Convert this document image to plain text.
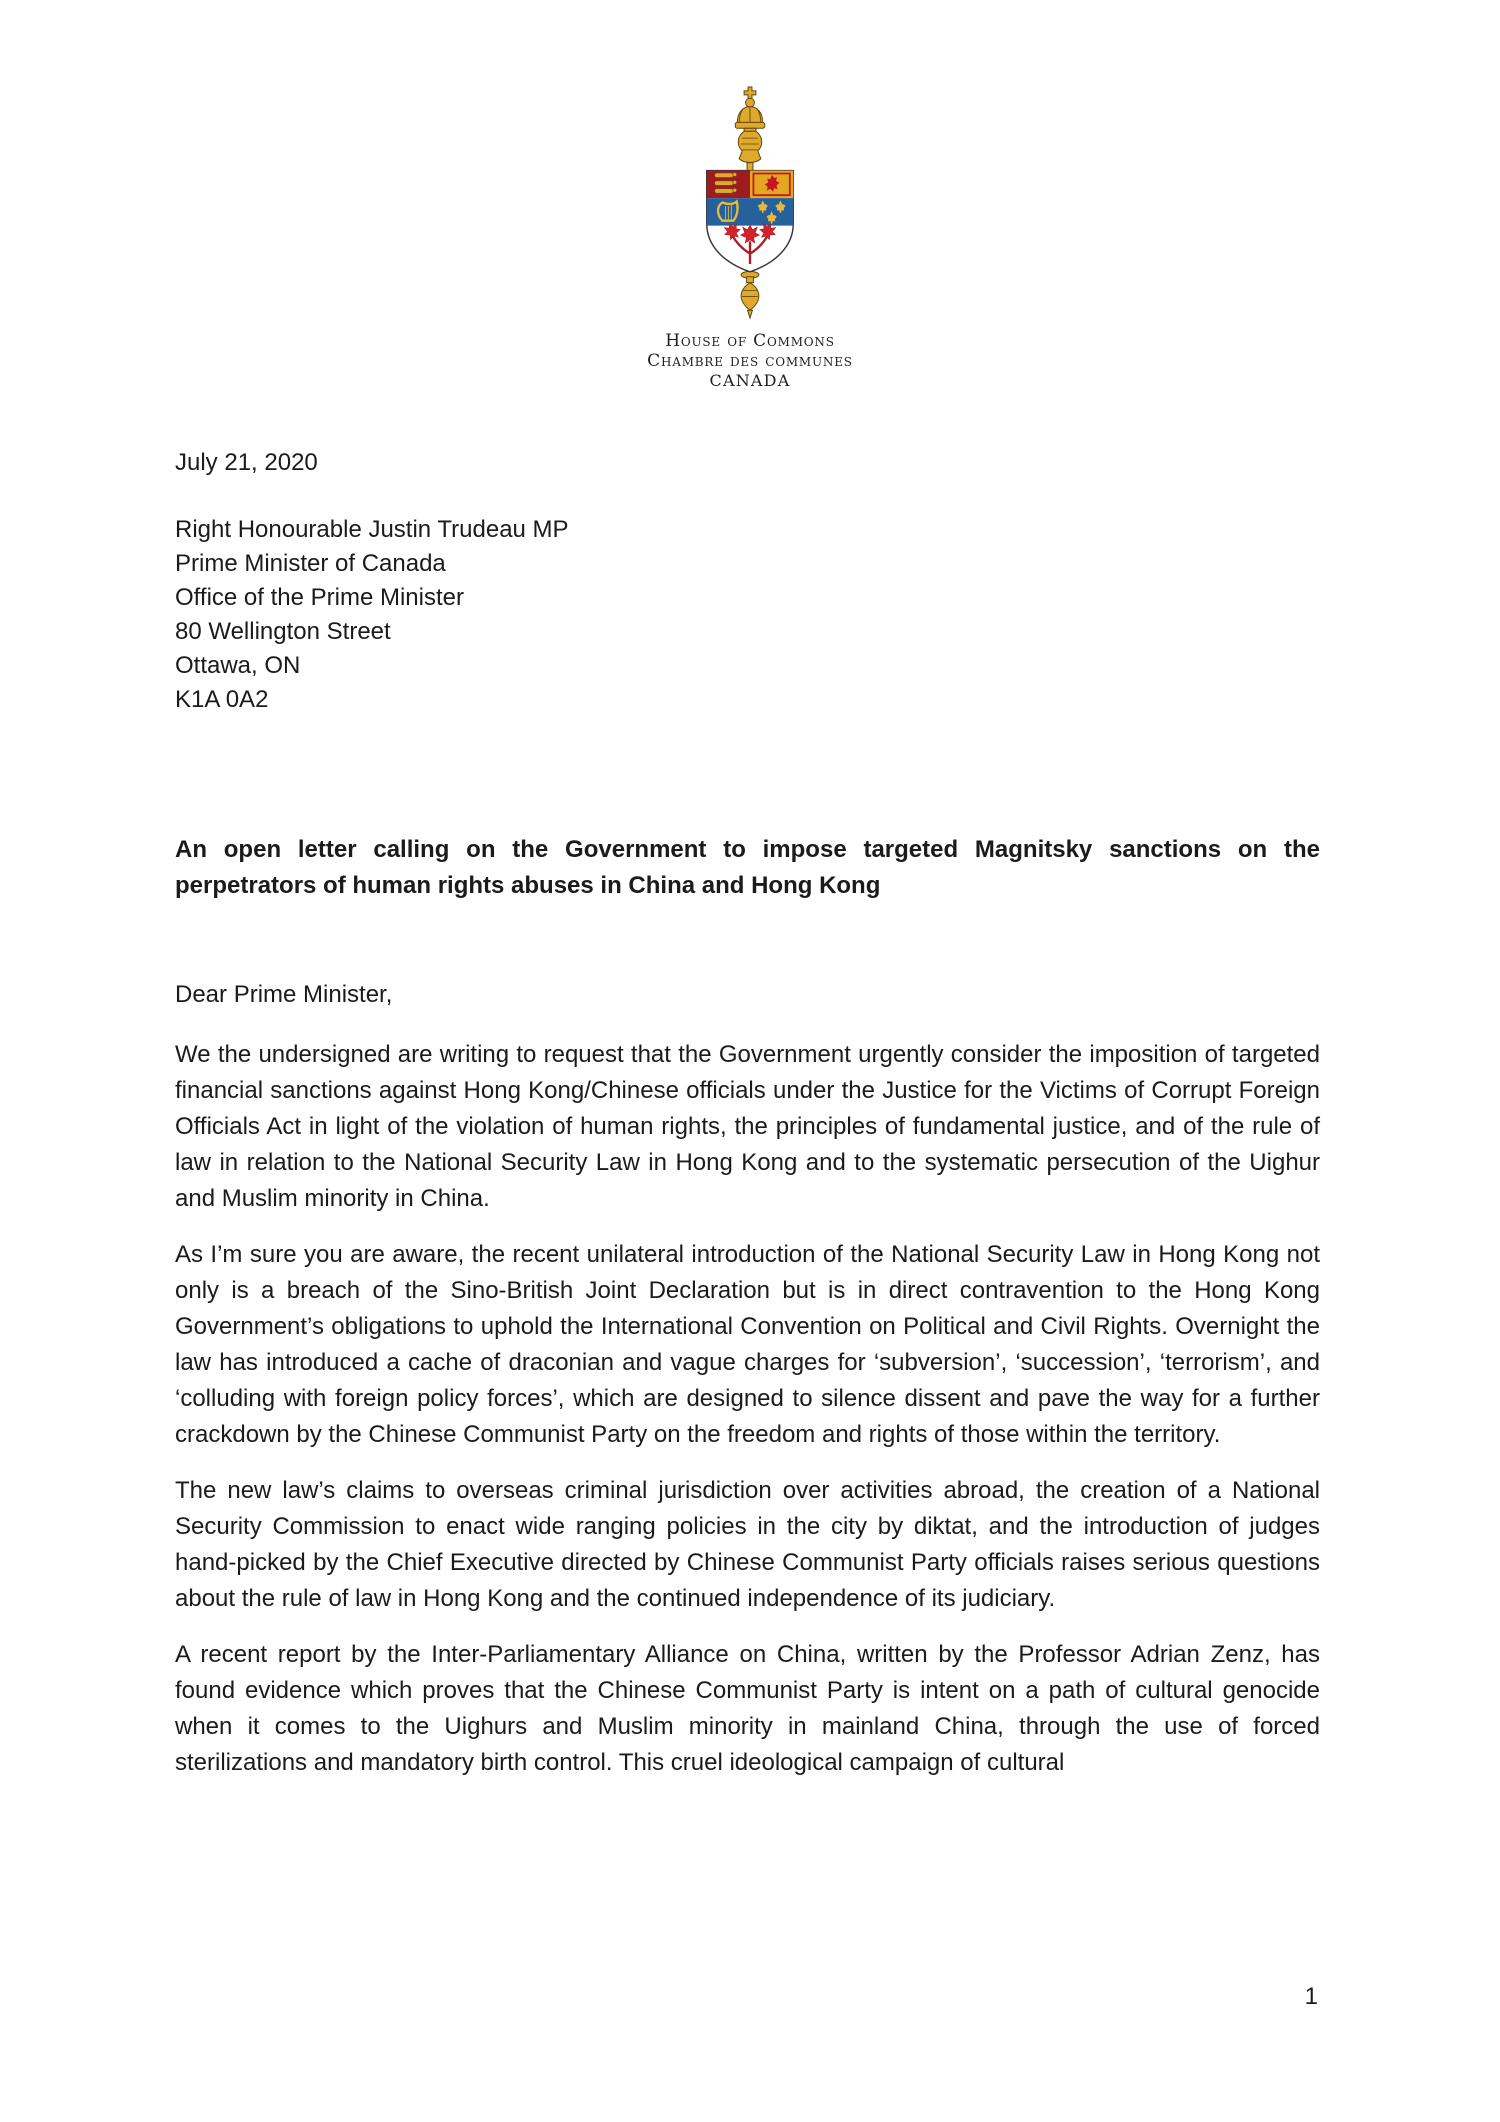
House of Commons
Chambre des communes
CANADA
July 21, 2020
Right Honourable Justin Trudeau MP
Prime Minister of Canada
Office of the Prime Minister
80 Wellington Street
Ottawa, ON
K1A 0A2
An open letter calling on the Government to impose targeted Magnitsky sanctions on the perpetrators of human rights abuses in China and Hong Kong
Dear Prime Minister,

We the undersigned are writing to request that the Government urgently consider the imposition of targeted financial sanctions against Hong Kong/Chinese officials under the Justice for the Victims of Corrupt Foreign Officials Act in light of the violation of human rights, the principles of fundamental justice, and of the rule of law in relation to the National Security Law in Hong Kong and to the systematic persecution of the Uighur and Muslim minority in China.

As I’m sure you are aware, the recent unilateral introduction of the National Security Law in Hong Kong not only is a breach of the Sino-British Joint Declaration but is in direct contravention to the Hong Kong Government’s obligations to uphold the International Convention on Political and Civil Rights. Overnight the law has introduced a cache of draconian and vague charges for ‘subversion’, ‘succession’, ‘terrorism’, and ‘colluding with foreign policy forces’, which are designed to silence dissent and pave the way for a further crackdown by the Chinese Communist Party on the freedom and rights of those within the territory.

The new law’s claims to overseas criminal jurisdiction over activities abroad, the creation of a National Security Commission to enact wide ranging policies in the city by diktat, and the introduction of judges hand-picked by the Chief Executive directed by Chinese Communist Party officials raises serious questions about the rule of law in Hong Kong and the continued independence of its judiciary.

A recent report by the Inter-Parliamentary Alliance on China, written by the Professor Adrian Zenz, has found evidence which proves that the Chinese Communist Party is intent on a path of cultural genocide when it comes to the Uighurs and Muslim minority in mainland China, through the use of forced sterilizations and mandatory birth control. This cruel ideological campaign of cultural

1
